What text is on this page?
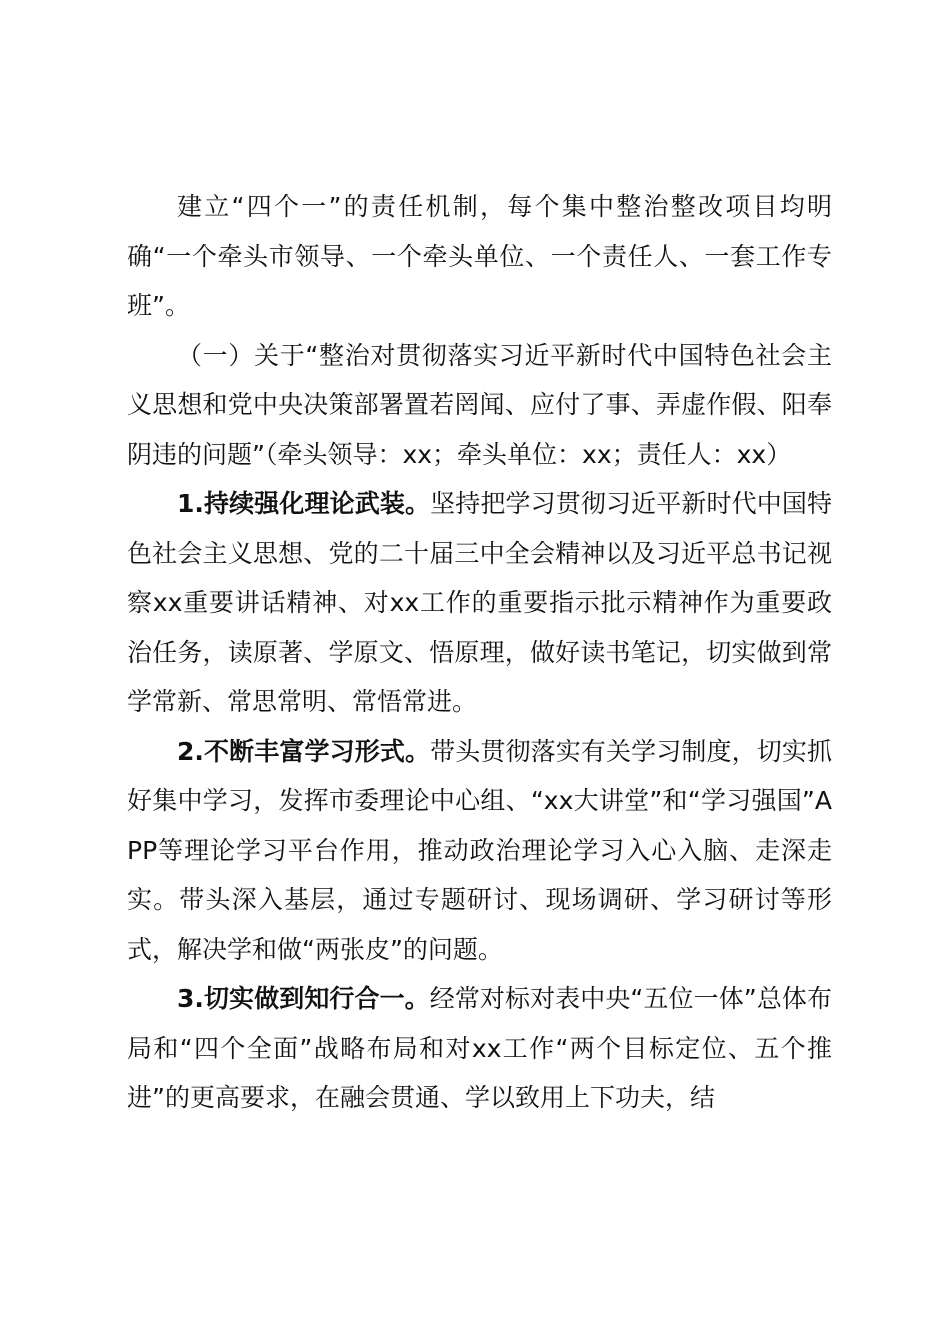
建立“四个一”的责任机制，每个集中整治整改项目均明确“一个牵头市领导、一个牵头单位、一个责任人、一套工作专班”。

（一）关于“整治对贯彻落实习近平新时代中国特色社会主义思想和党中央决策部署置若罔闻、应付了事、弄虚作假、阳奉阴违的问题”（牵头领导：xx；牵头单位：xx；责任人：xx）

1.持续强化理论武装。坚持把学习贯彻习近平新时代中国特色社会主义思想、党的二十届三中全会精神以及习近平总书记视察xx重要讲话精神、对xx工作的重要指示批示精神作为重要政治任务，读原著、学原文、悟原理，做好读书笔记，切实做到常学常新、常思常明、常悟常进。

2.不断丰富学习形式。带头贯彻落实有关学习制度，切实抓好集中学习，发挥市委理论中心组、“xx大讲堂”和“学习强国”APP等理论学习平台作用，推动政治理论学习入心入脑、走深走实。带头深入基层，通过专题研讨、现场调研、学习研讨等形式，解决学和做“两张皮”的问题。

3.切实做到知行合一。经常对标对表中央“五位一体”总体布局和“四个全面”战略布局和对xx工作“两个目标定位、五个推进”的更高要求，在融会贯通、学以致用上下功夫，结
